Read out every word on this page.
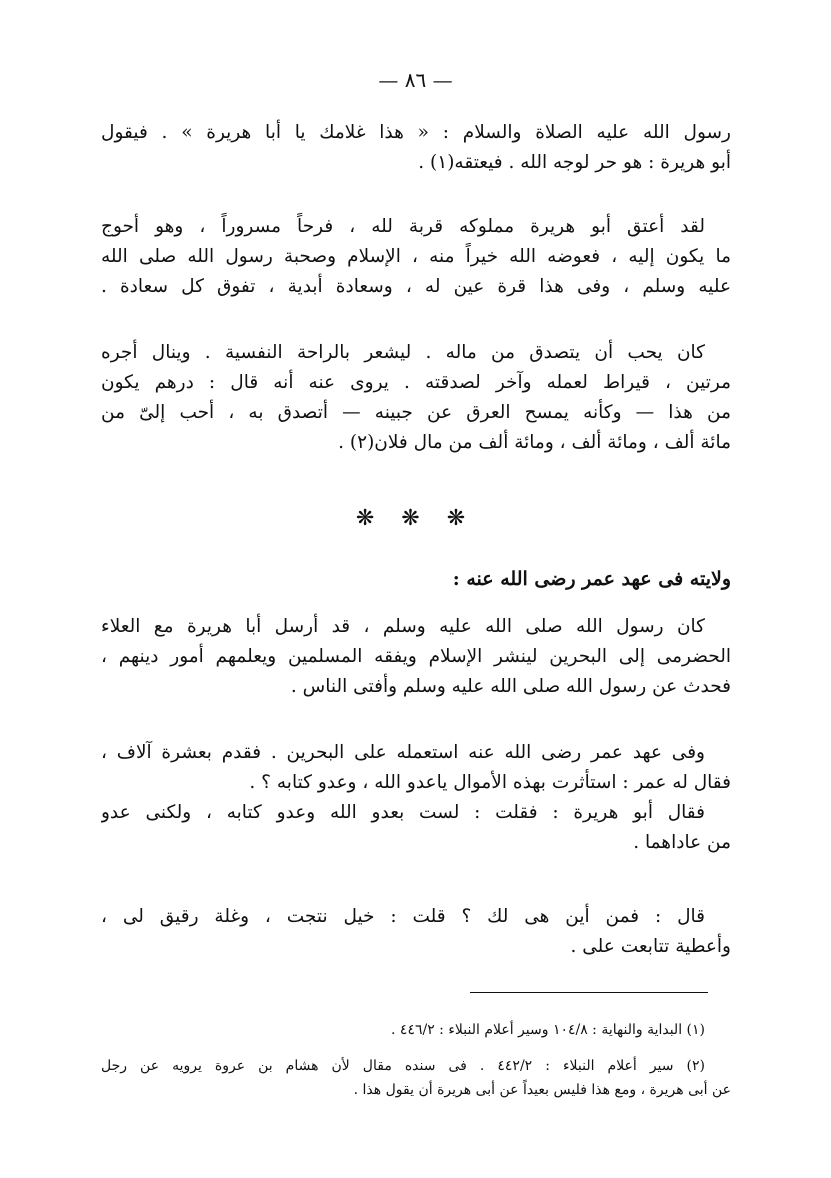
— ٨٦ —
رسول الله عليه الصلاة والسلام : « هذا غلامك يا أبا هريرة » . فيقول
أبو هريرة : هو حر لوجه الله . فيعتقه(١) .
لقد أعتق أبو هريرة مملوكه قربة لله ، فرحاً مسروراً ، وهو أحوج
ما يكون إليه ، فعوضه الله خيراً منه ، الإسلام وصحبة رسول الله صلى الله
عليه وسلم ، وفى هذا قرة عين له ، وسعادة أبدية ، تفوق كل سعادة .
كان يحب أن يتصدق من ماله . ليشعر بالراحة النفسية . وينال أجره
مرتين ، قيراط لعمله وآخر لصدقته . يروى عنه أنه قال : درهم يكون
من هذا — وكأنه يمسح العرق عن جبينه — أتصدق به ، أحب إلىّ من
مائة ألف ، ومائة ألف ، ومائة ألف من مال فلان(٢) .
❋ ❋ ❋
ولايته فى عهد عمر رضى الله عنه :
كان رسول الله صلى الله عليه وسلم ، قد أرسل أبا هريرة مع العلاء
الحضرمى إلى البحرين لينشر الإسلام ويفقه المسلمين ويعلمهم أمور دينهم ،
فحدث عن رسول الله صلى الله عليه وسلم وأفتى الناس .
وفى عهد عمر رضى الله عنه استعمله على البحرين . فقدم بعشرة آلاف ،
فقال له عمر : استأثرت بهذه الأموال ياعدو الله ، وعدو كتابه ؟ .
فقال أبو هريرة : فقلت : لست بعدو الله وعدو كتابه ، ولكنى عدو
من عاداهما .
قال : فمن أين هى لك ؟ قلت : خيل نتجت ، وغلة رقيق لى ،
وأعطية تتابعت على .
(١) البداية والنهاية : ١٠٤/٨ وسير أعلام النبلاء : ٤٤٦/٢ .
(٢) سير أعلام النبلاء : ٤٤٢/٢ . فى سنده مقال لأن هشام بن عروة يرويه عن رجل
عن أبى هريرة ، ومع هذا فليس بعيداً عن أبى هريرة أن يقول هذا .
